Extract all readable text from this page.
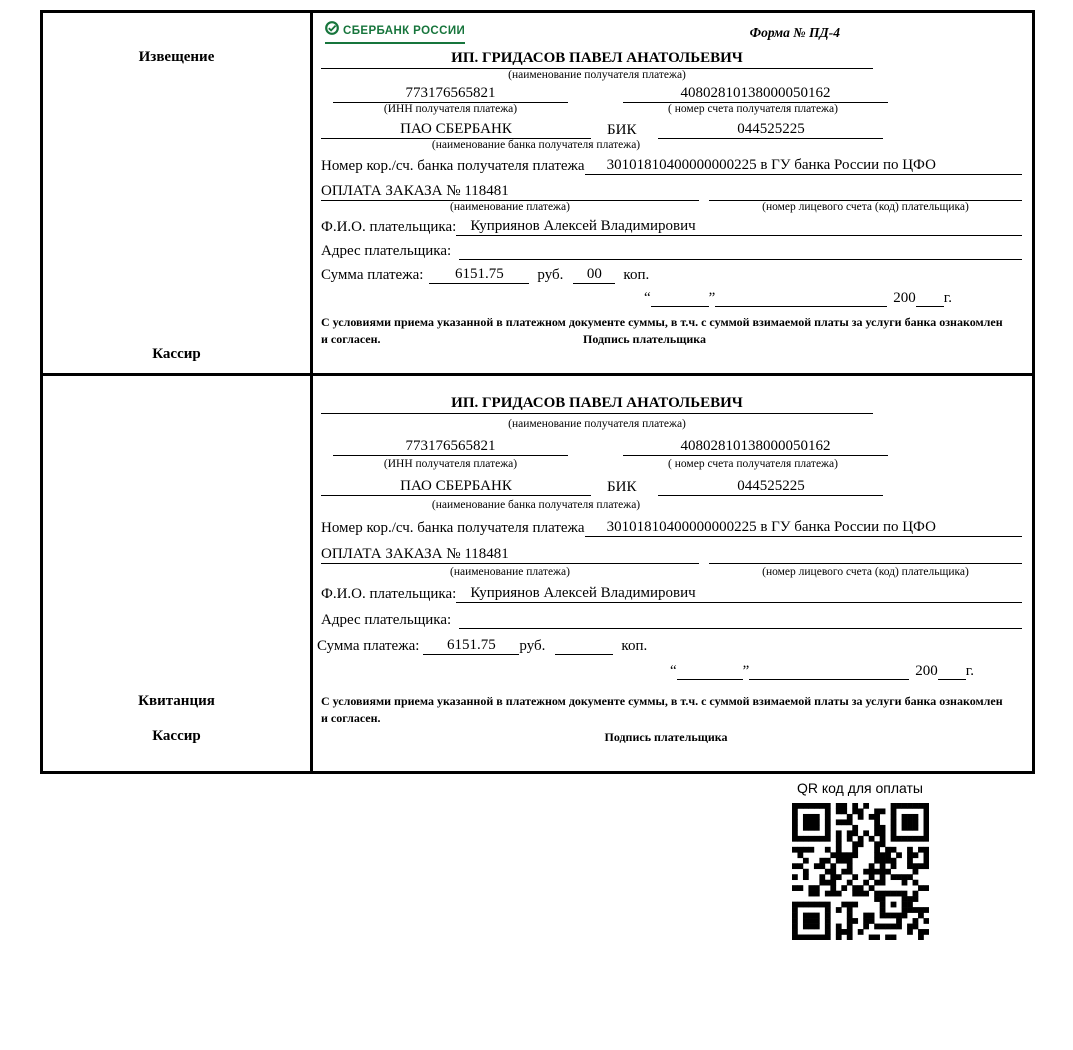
Извещение
Кассир
СБЕРБАНК РОССИИ	Форма № ПД-4
ИП. ГРИДАСОВ ПАВЕЛ АНАТОЛЬЕВИЧ
(наименование получателя платежа)
773176565821	40802810138000050162
(ИНН получателя платежа)	( номер счета получателя платежа)
ПАО СБЕРБАНК	БИК	044525225
(наименование банка получателя платежа)
Номер кор./сч. банка получателя платежа	30101810400000000225 в ГУ банка России по ЦФО
ОПЛАТА ЗАКАЗА № 118481
(наименование платежа)	(номер лицевого счета (код) плательщика)
Ф.И.О. плательщика: Куприянов Алексей Владимирович
Адрес плательщика:
Сумма платежа:	6151.75	руб.	00	коп.
“	”	200 г.
С условиями приема указанной в платежном документе суммы, в т.ч. с суммой взимаемой платы за услуги банка ознакомлен и согласен.	Подпись плательщика
Квитанция
Кассир
ИП. ГРИДАСОВ ПАВЕЛ АНАТОЛЬЕВИЧ
(наименование получателя платежа)
773176565821	40802810138000050162
(ИНН получателя платежа)	( номер счета получателя платежа)
ПАО СБЕРБАНК	БИК	044525225
(наименование банка получателя платежа)
Номер кор./сч. банка получателя платежа	30101810400000000225 в ГУ банка России по ЦФО
ОПЛАТА ЗАКАЗА № 118481
(наименование платежа)	(номер лицевого счета (код) плательщика)
Ф.И.О. плательщика: Куприянов Алексей Владимирович
Адрес плательщика:
Сумма платежа:	6151.75	руб.	коп.
“	”	200 г.
С условиями приема указанной в платежном документе суммы, в т.ч. с суммой взимаемой платы за услуги банка ознакомлен и согласен.
Подпись плательщика
QR код для оплаты
